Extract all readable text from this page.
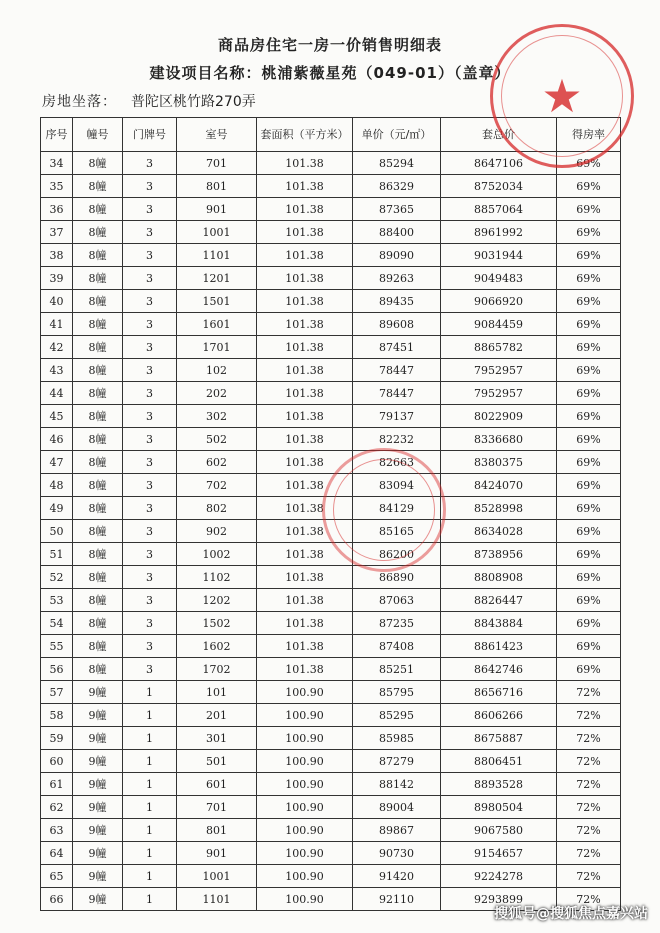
商品房住宅一房一价销售明细表
建设项目名称：桃浦紫薇星苑（049-01）（盖章）
房地坐落： 普陀区桃竹路270弄
序号	幢号	门牌号	室号	套面积（平方米）	单价（元/㎡）	套总价	得房率
34	8幢	3	701	101.38	85294	8647106	69%
35	8幢	3	801	101.38	86329	8752034	69%
36	8幢	3	901	101.38	87365	8857064	69%
37	8幢	3	1001	101.38	88400	8961992	69%
38	8幢	3	1101	101.38	89090	9031944	69%
39	8幢	3	1201	101.38	89263	9049483	69%
40	8幢	3	1501	101.38	89435	9066920	69%
41	8幢	3	1601	101.38	89608	9084459	69%
42	8幢	3	1701	101.38	87451	8865782	69%
43	8幢	3	102	101.38	78447	7952957	69%
44	8幢	3	202	101.38	78447	7952957	69%
45	8幢	3	302	101.38	79137	8022909	69%
46	8幢	3	502	101.38	82232	8336680	69%
47	8幢	3	602	101.38	82663	8380375	69%
48	8幢	3	702	101.38	83094	8424070	69%
49	8幢	3	802	101.38	84129	8528998	69%
50	8幢	3	902	101.38	85165	8634028	69%
51	8幢	3	1002	101.38	86200	8738956	69%
52	8幢	3	1102	101.38	86890	8808908	69%
53	8幢	3	1202	101.38	87063	8826447	69%
54	8幢	3	1502	101.38	87235	8843884	69%
55	8幢	3	1602	101.38	87408	8861423	69%
56	8幢	3	1702	101.38	85251	8642746	69%
57	9幢	1	101	100.90	85795	8656716	72%
58	9幢	1	201	100.90	85295	8606266	72%
59	9幢	1	301	100.90	85985	8675887	72%
60	9幢	1	501	100.90	87279	8806451	72%
61	9幢	1	601	100.90	88142	8893528	72%
62	9幢	1	701	100.90	89004	8980504	72%
63	9幢	1	801	100.90	89867	9067580	72%
64	9幢	1	901	100.90	90730	9154657	72%
65	9幢	1	1001	100.90	91420	9224278	72%
66	9幢	1	1101	100.90	92110	9293899	72%
★
搜狐号@搜狐焦点嘉兴站
